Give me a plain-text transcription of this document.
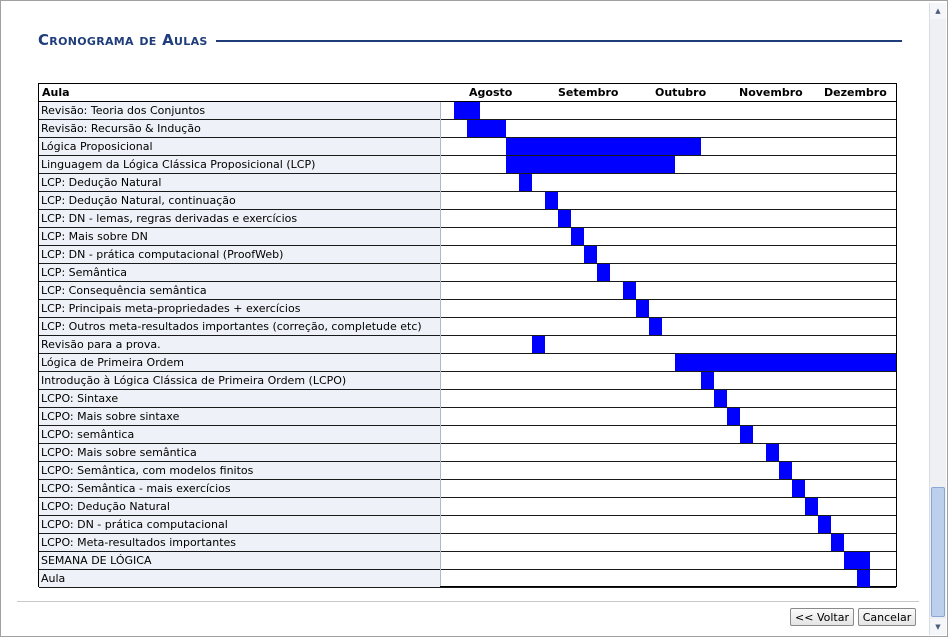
Cronograma de Aulas
Aula	Agosto	Setembro	Outubro	Novembro Dezembro
Revisão: Teoria dos Conjuntos
Revisão: Recursão & Indução
Lógica Proposicional
Linguagem da Lógica Clássica Proposicional (LCP)
LCP: Dedução Natural
LCP: Dedução Natural, continuação
LCP: DN - lemas, regras derivadas e exercícios
LCP: Mais sobre DN
LCP: DN - prática computacional (ProofWeb)
LCP: Semântica
LCP: Consequência semântica
LCP: Principais meta-propriedades + exercícios
LCP: Outros meta-resultados importantes (correção, completude etc)
Revisão para a prova.
Lógica de Primeira Ordem
Introdução à Lógica Clássica de Primeira Ordem (LCPO)
LCPO: Sintaxe
LCPO: Mais sobre sintaxe
LCPO: semântica
LCPO: Mais sobre semântica
LCPO: Semântica, com modelos finitos
LCPO: Semântica - mais exercícios
LCPO: Dedução Natural
LCPO: DN - prática computacional
LCPO: Meta-resultados importantes
SEMANA DE LÓGICA
Aula
▲
▼
<< Voltar	Cancelar
